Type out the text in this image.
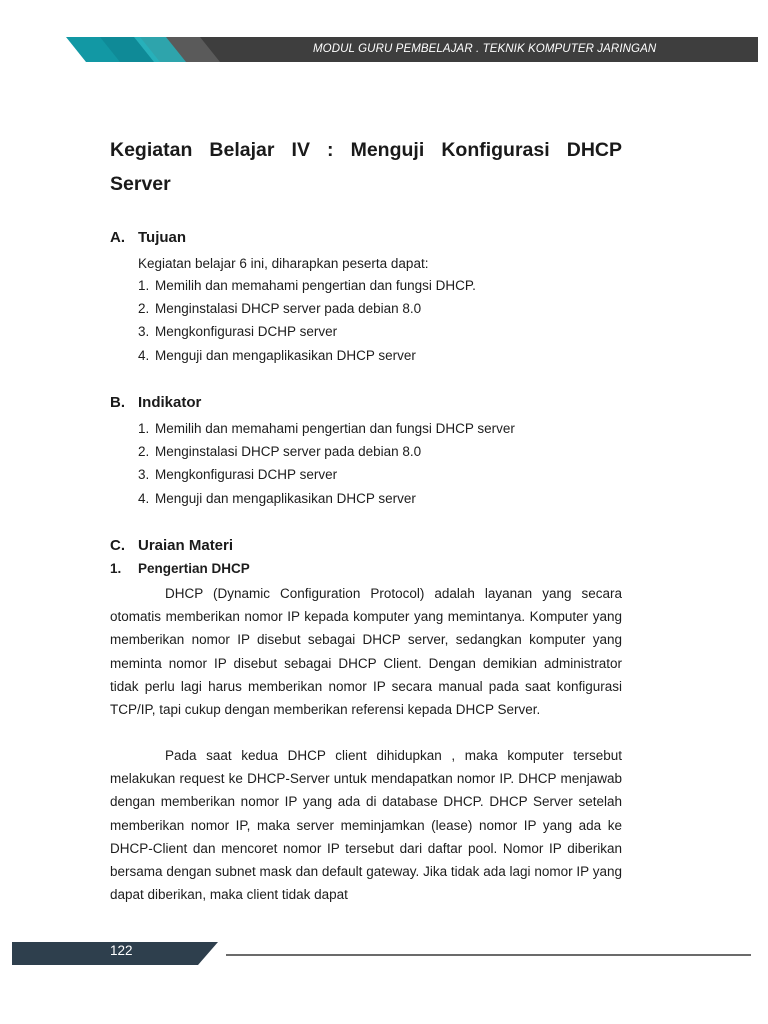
MODUL GURU PEMBELAJAR . TEKNIK KOMPUTER JARINGAN
Kegiatan Belajar IV : Menguji Konfigurasi DHCP Server
A. Tujuan
Kegiatan belajar 6 ini, diharapkan peserta dapat:
1. Memilih dan memahami pengertian dan fungsi DHCP.
2. Menginstalasi DHCP server pada debian 8.0
3. Mengkonfigurasi DCHP server
4. Menguji dan mengaplikasikan DHCP server
B. Indikator
1. Memilih dan memahami pengertian dan fungsi DHCP server
2. Menginstalasi DHCP server pada debian 8.0
3. Mengkonfigurasi DCHP server
4. Menguji dan mengaplikasikan DHCP server
C. Uraian Materi
1. Pengertian DHCP

DHCP (Dynamic Configuration Protocol) adalah layanan yang secara otomatis memberikan nomor IP kepada komputer yang memintanya. Komputer yang memberikan nomor IP disebut sebagai DHCP server, sedangkan komputer yang meminta nomor IP disebut sebagai DHCP Client. Dengan demikian administrator tidak perlu lagi harus memberikan nomor IP secara manual pada saat konfigurasi TCP/IP, tapi cukup dengan memberikan referensi kepada DHCP Server.

Pada saat kedua DHCP client dihidupkan , maka komputer tersebut melakukan request ke DHCP-Server untuk mendapatkan nomor IP. DHCP menjawab dengan memberikan nomor IP yang ada di database DHCP. DHCP Server setelah memberikan nomor IP, maka server meminjamkan (lease) nomor IP yang ada ke DHCP-Client dan mencoret nomor IP tersebut dari daftar pool. Nomor IP diberikan bersama dengan subnet mask dan default gateway. Jika tidak ada lagi nomor IP yang dapat diberikan, maka client tidak dapat

122
